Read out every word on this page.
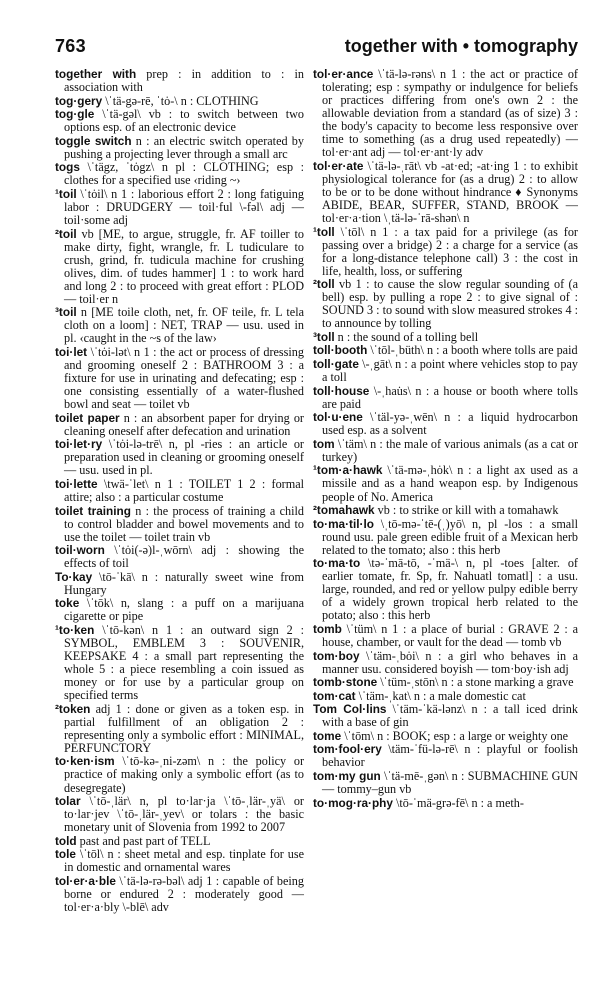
763	together with • tomography

together with prep : in addition to : in association with

tog·gery \ˈtä-gə-rē, ˈtȯ-\ n : CLOTHING

tog·gle \ˈtä-gəl\ vb : to switch between two options esp. of an electronic device

toggle switch n : an electric switch operated by pushing a projecting lever through a small arc

togs \ˈtägz, ˈtȯgz\ n pl : CLOTHING; esp : clothes for a specified use ‹riding ~›

¹toil \ˈtȯil\ n 1 : laborious effort 2 : long fatiguing labor : DRUDGERY — toil·ful \-fəl\ adj — toil·some adj

²toil vb [ME, to argue, struggle, fr. AF toiller to make dirty, fight, wrangle, fr. L tudiculare to crush, grind, fr. tudicula machine for crushing olives, dim. of tudes hammer] 1 : to work hard and long 2 : to proceed with great effort : PLOD — toil·er n

³toil n [ME toile cloth, net, fr. OF teile, fr. L tela cloth on a loom] : NET, TRAP — usu. used in pl. ‹caught in the ~s of the law›

toi·let \ˈtȯi-lət\ n 1 : the act or process of dressing and grooming oneself 2 : BATHROOM 3 : a fixture for use in urinating and defecating; esp : one consisting essentially of a water-flushed bowl and seat — toilet vb

toilet paper n : an absorbent paper for drying or cleaning oneself after defecation and urination

toi·let·ry \ˈtȯi-lə-trē\ n, pl -ries : an article or preparation used in cleaning or grooming oneself — usu. used in pl.

toi·lette \twä-ˈlet\ n 1 : TOILET 1 2 : formal attire; also : a particular costume

toilet training n : the process of training a child to control bladder and bowel movements and to use the toilet — toilet train vb

toil·worn \ˈtȯi(-ə)l-ˌwōrn\ adj : showing the effects of toil

To·kay \tō-ˈkā\ n : naturally sweet wine from Hungary

toke \ˈtōk\ n, slang : a puff on a marijuana cigarette or pipe

¹to·ken \ˈtō-kən\ n 1 : an outward sign 2 : SYMBOL, EMBLEM 3 : SOUVENIR, KEEPSAKE 4 : a small part representing the whole 5 : a piece resembling a coin issued as money or for use by a particular group on specified terms

²token adj 1 : done or given as a token esp. in partial fulfillment of an obligation 2 : representing only a symbolic effort : MINIMAL, PERFUNCTORY

to·ken·ism \ˈtō-kə-ˌni-zəm\ n : the policy or practice of making only a symbolic effort (as to desegregate)

tolar \ˈtō-ˌlär\ n, pl to·lar·ja \ˈtō-ˌlär-ˌyä\ or to·lar·jev \ˈtō-ˌlär-ˌyev\ or tolars : the basic monetary unit of Slovenia from 1992 to 2007

told past and past part of TELL

tole \ˈtōl\ n : sheet metal and esp. tinplate for use in domestic and ornamental wares

tol·er·a·ble \ˈtä-lə-rə-bəl\ adj 1 : capable of being borne or endured 2 : moderately good — tol·er·a·bly \-blē\ adv

tol·er·ance \ˈtä-lə-rəns\ n 1 : the act or practice of tolerating; esp : sympathy or indulgence for beliefs or practices differing from one's own 2 : the allowable deviation from a standard (as of size) 3 : the body's capacity to become less responsive over time to something (as a drug used repeatedly) — tol·er·ant adj — tol·er·ant·ly adv

tol·er·ate \ˈtä-lə-ˌrāt\ vb -at·ed; -at·ing 1 : to exhibit physiological tolerance for (as a drug) 2 : to allow to be or to be done without hindrance ♦ Synonyms ABIDE, BEAR, SUFFER, STAND, BROOK — tol·er·a·tion \ˌtä-lə-ˈrā-shən\ n

¹toll \ˈtōl\ n 1 : a tax paid for a privilege (as for passing over a bridge) 2 : a charge for a service (as for a long-distance telephone call) 3 : the cost in life, health, loss, or suffering

²toll vb 1 : to cause the slow regular sounding of (a bell) esp. by pulling a rope 2 : to give signal of : SOUND 3 : to sound with slow measured strokes 4 : to announce by tolling

³toll n : the sound of a tolling bell

toll·booth \ˈtōl-ˌbüth\ n : a booth where tolls are paid

toll·gate \-ˌgāt\ n : a point where vehicles stop to pay a toll

toll·house \-ˌhau̇s\ n : a house or booth where tolls are paid

tol·u·ene \ˈtäl-yə-ˌwēn\ n : a liquid hydrocarbon used esp. as a solvent

tom \ˈtäm\ n : the male of various animals (as a cat or turkey)

¹tom·a·hawk \ˈtä-mə-ˌhȯk\ n : a light ax used as a missile and as a hand weapon esp. by Indigenous people of No. America

²tomahawk vb : to strike or kill with a tomahawk

to·ma·til·lo \ˌtō-mə-ˈtē-(ˌ)yō\ n, pl -los : a small round usu. pale green edible fruit of a Mexican herb related to the tomato; also : this herb

to·ma·to \tə-ˈmā-tō, -ˈmä-\ n, pl -toes [alter. of earlier tomate, fr. Sp, fr. Nahuatl tomatl] : a usu. large, rounded, and red or yellow pulpy edible berry of a widely grown tropical herb related to the potato; also : this herb

tomb \ˈtüm\ n 1 : a place of burial : GRAVE 2 : a house, chamber, or vault for the dead — tomb vb

tom·boy \ˈtäm-ˌbȯi\ n : a girl who behaves in a manner usu. considered boyish — tom·boy·ish adj

tomb·stone \ˈtüm-ˌstōn\ n : a stone marking a grave

tom·cat \ˈtäm-ˌkat\ n : a male domestic cat

Tom Col·lins \ˈtäm-ˈkä-lənz\ n : a tall iced drink with a base of gin

tome \ˈtōm\ n : BOOK; esp : a large or weighty one

tom·fool·ery \täm-ˈfü-lə-rē\ n : playful or foolish behavior

tom·my gun \ˈtä-mē-ˌgən\ n : SUBMACHINE GUN — tommy–gun vb

to·mog·ra·phy \tō-ˈmä-grə-fē\ n : a meth-
